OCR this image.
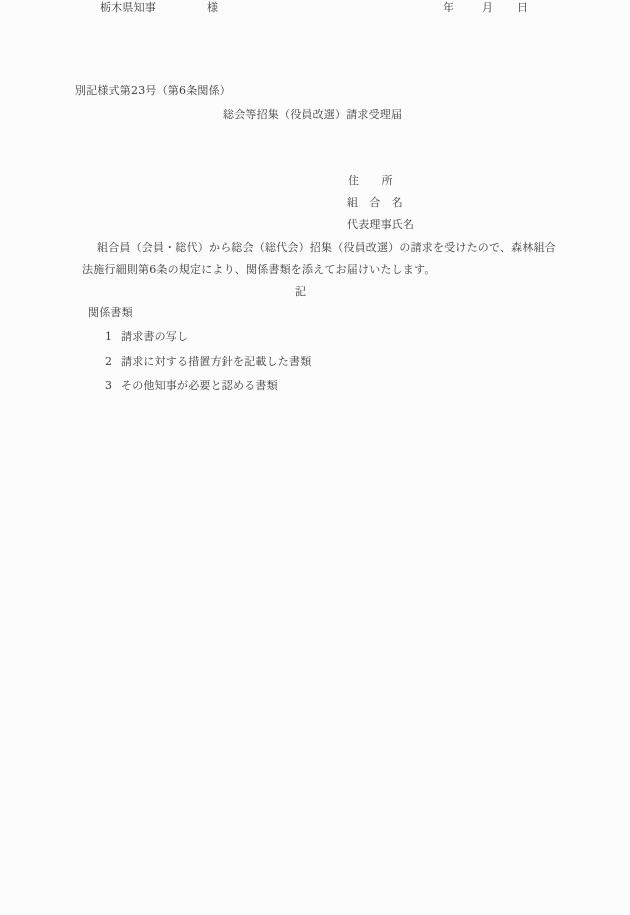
別記様式第23号（第6条関係）
総会等招集（役員改選）請求受理届
年	月 日
栃木県知事	様
住　　所
組　合　名
代表理事氏名
組合員（会員・総代）から総会（総代会）招集（役員改選）の請求を受けたので、森林組合
法施行細則第6条の規定により、関係書類を添えてお届けいたします。
記
関係書類
1 請求書の写し
2 請求に対する措置方針を記載した書類
3 その他知事が必要と認める書類
